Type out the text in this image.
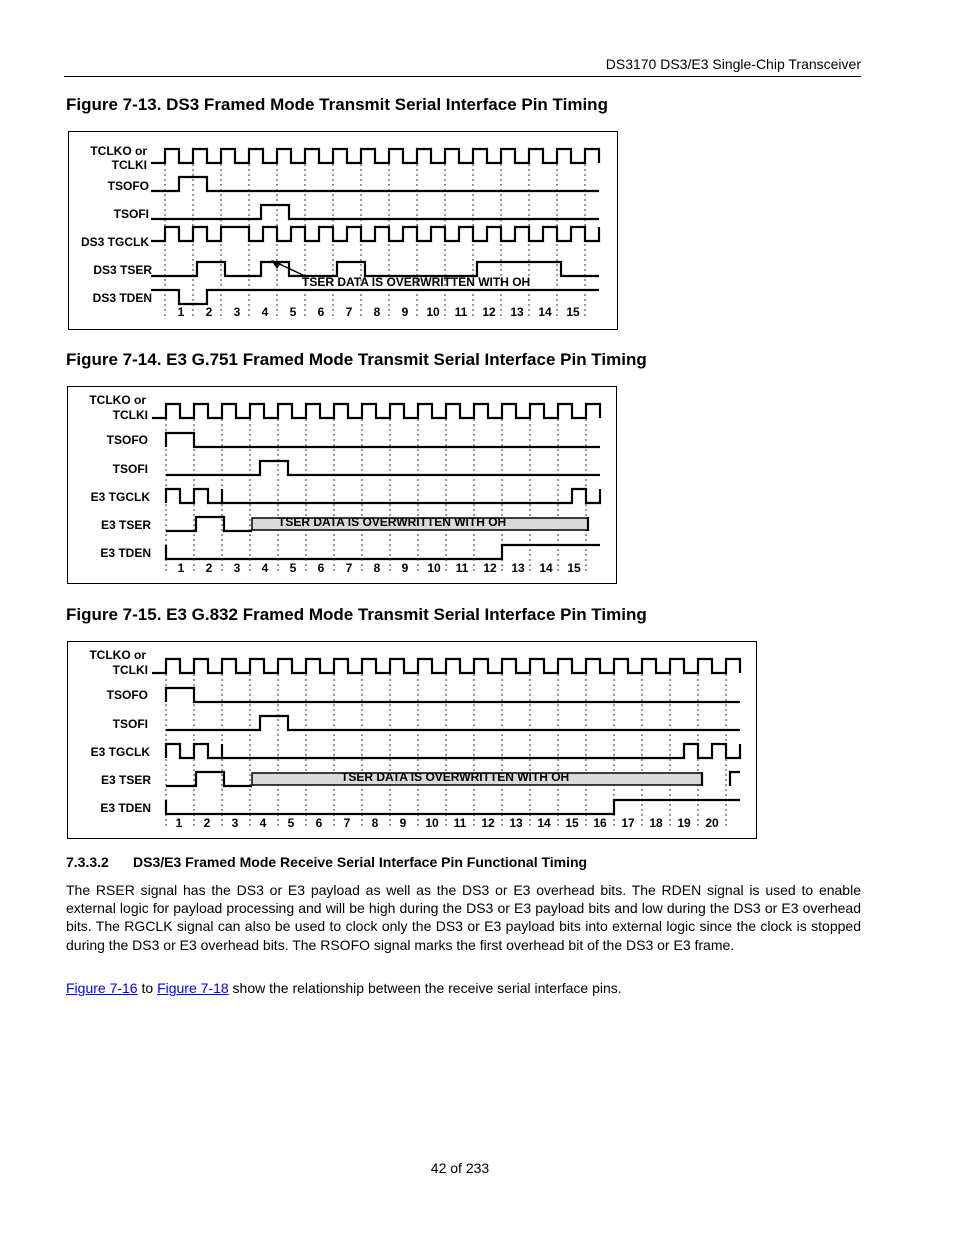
DS3170 DS3/E3 Single-Chip Transceiver
Figure 7-13. DS3 Framed Mode Transmit Serial Interface Pin Timing
TCLKO or
TCLKI
TSOFO
TSOFI
DS3 TGCLK
DS3 TSER
DS3 TDEN
TSER DATA IS OVERWRITTEN WITH OH
1 2 3 4 5 6 7 8 9 10 11 12 13 14 15
Figure 7-14. E3 G.751 Framed Mode Transmit Serial Interface Pin Timing
TCLKO or
TCLKI
TSOFO
TSOFI
E3 TGCLK
E3 TSER
E3 TDEN
TSER DATA IS OVERWRITTEN WITH OH
1 2 3 4 5 6 7 8 9 10 11 12 13 14 15
Figure 7-15. E3 G.832 Framed Mode Transmit Serial Interface Pin Timing
TCLKO or
TCLKI
TSOFO
TSOFI
E3 TGCLK
E3 TSER
E3 TDEN
TSER DATA IS OVERWRITTEN WITH OH
1 2 3 4 5 6 7 8 9 10 11 12 13 14 15 16 17 18 19 20
7.3.3.2 DS3/E3 Framed Mode Receive Serial Interface Pin Functional Timing
The RSER signal has the DS3 or E3 payload as well as the DS3 or E3 overhead bits. The RDEN signal is used to enable external logic for payload processing and will be high during the DS3 or E3 payload bits and low during the DS3 or E3 overhead bits. The RGCLK signal can also be used to clock only the DS3 or E3 payload bits into external logic since the clock is stopped during the DS3 or E3 overhead bits. The RSOFO signal marks the first overhead bit of the DS3 or E3 frame.
Figure 7-16 to Figure 7-18 show the relationship between the receive serial interface pins.
42 of 233
